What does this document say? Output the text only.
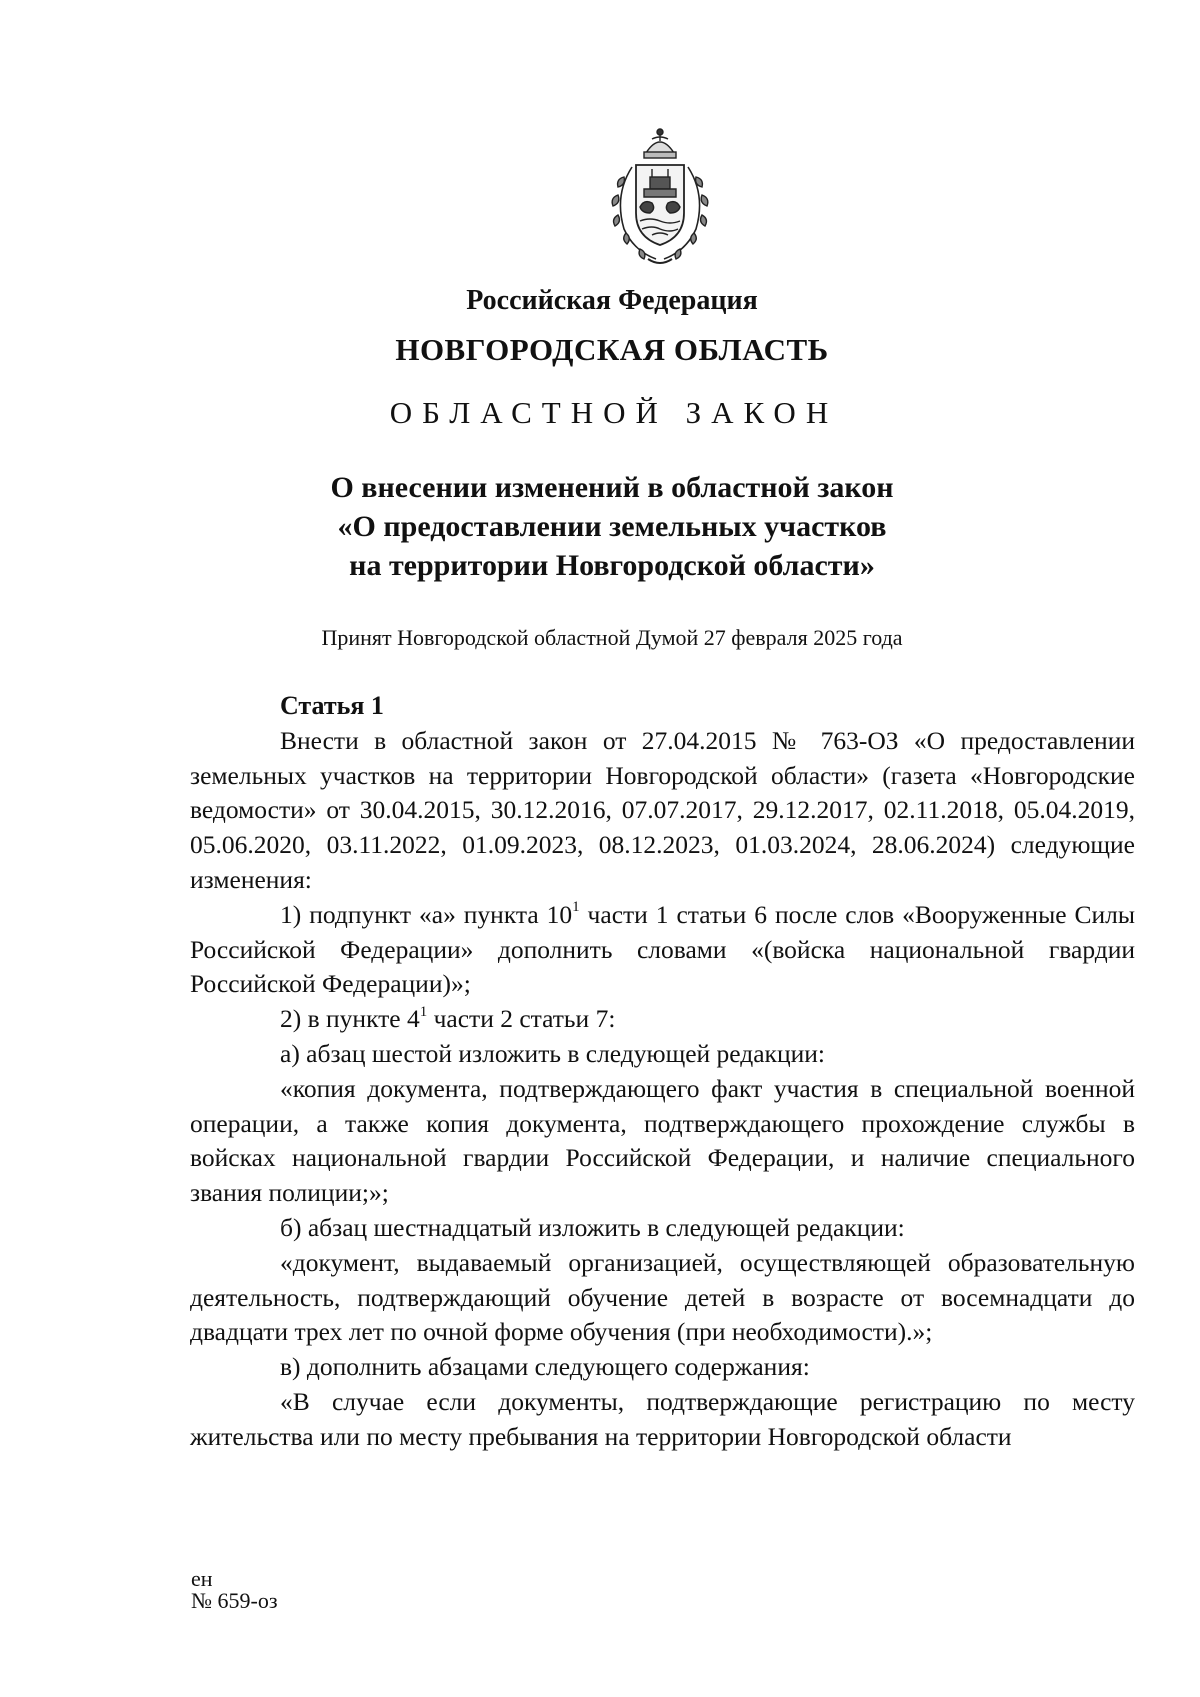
Российская Федерация
НОВГОРОДСКАЯ ОБЛАСТЬ
ОБЛАСТНОЙ ЗАКОН
О внесении изменений в областной закон
«О предоставлении земельных участков
на территории Новгородской области»
Принят Новгородской областной Думой 27 февраля 2025 года

Статья 1

Внести в областной закон от 27.04.2015 № 763-ОЗ «О предоставлении земельных участков на территории Новгородской области» (газета «Новгородские ведомости» от 30.04.2015, 30.12.2016, 07.07.2017, 29.12.2017, 02.11.2018, 05.04.2019, 05.06.2020, 03.11.2022, 01.09.2023, 08.12.2023, 01.03.2024, 28.06.2024) следующие изменения:

1) подпункт «а» пункта $10^1$ части 1 статьи 6 после слов «Вооруженные Силы Российской Федерации» дополнить словами «(войска национальной гвардии Российской Федерации)»;

2) в пункте $4^1$ части 2 статьи 7:

а) абзац шестой изложить в следующей редакции:

«копия документа, подтверждающего факт участия в специальной военной операции, а также копия документа, подтверждающего прохождение службы в войсках национальной гвардии Российской Федерации, и наличие специального звания полиции;»;

б) абзац шестнадцатый изложить в следующей редакции:

«документ, выдаваемый организацией, осуществляющей образовательную деятельность, подтверждающий обучение детей в возрасте от восемнадцати до двадцати трех лет по очной форме обучения (при необходимости).»;

в) дополнить абзацами следующего содержания:

«В случае если документы, подтверждающие регистрацию по месту жительства или по месту пребывания на территории Новгородской области

ен
№ 659-оз
